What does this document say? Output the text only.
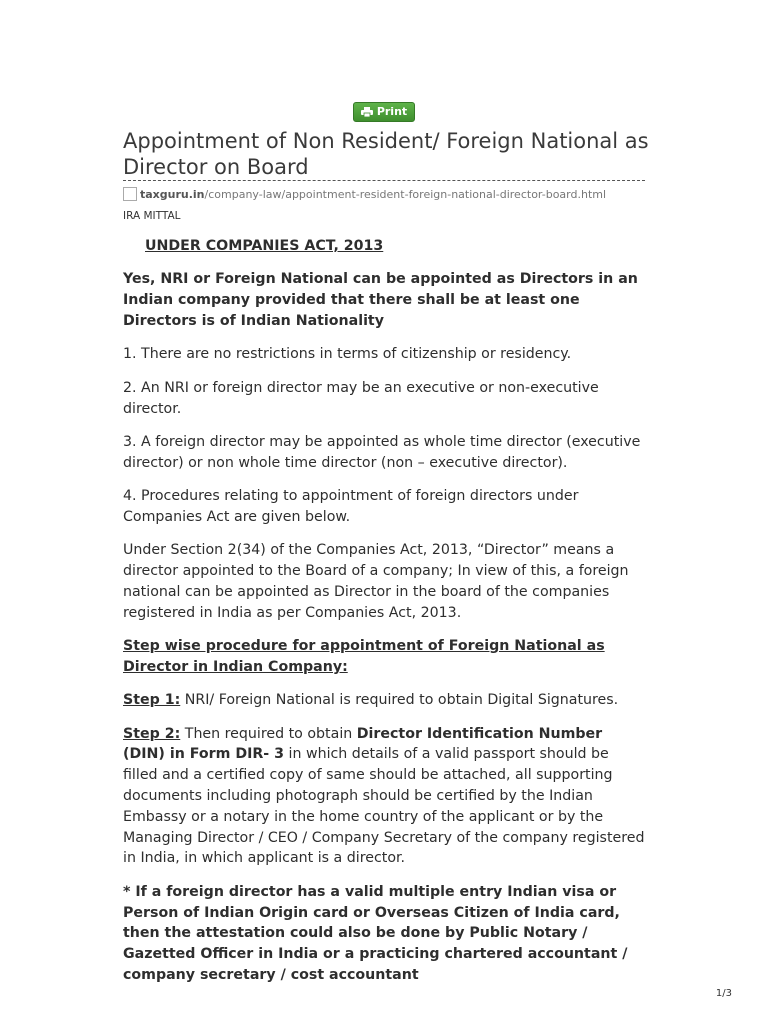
Print
Appointment of Non Resident/ Foreign National as Director on Board
taxguru.in /company-law/appointment-resident-foreign-national-director-board.html
IRA MITTAL

UNDER COMPANIES ACT, 2013

Yes, NRI or Foreign National can be appointed as Directors in an Indian company provided that there shall be at least one Directors is of Indian Nationality

1. There are no restrictions in terms of citizenship or residency.

2. An NRI or foreign director may be an executive or non-executive director.

3. A foreign director may be appointed as whole time director (executive director) or non whole time director (non – executive director).

4. Procedures relating to appointment of foreign directors under Companies Act are given below.

Under Section 2(34) of the Companies Act, 2013, “Director” means a director appointed to the Board of a company; In view of this, a foreign national can be appointed as Director in the board of the companies registered in India as per Companies Act, 2013.

Step wise procedure for appointment of Foreign National as Director in Indian Company:

Step 1: NRI/ Foreign National is required to obtain Digital Signatures.

Step 2: Then required to obtain Director Identification Number (DIN) in Form DIR- 3 in which details of a valid passport should be filled and a certified copy of same should be attached, all supporting documents including photograph should be certified by the Indian Embassy or a notary in the home country of the applicant or by the Managing Director / CEO / Company Secretary of the company registered in India, in which applicant is a director.

* If a foreign director has a valid multiple entry Indian visa or Person of Indian Origin card or Overseas Citizen of India card, then the attestation could also be done by Public Notary / Gazetted Officer in India or a practicing chartered accountant / company secretary / cost accountant

1/3
